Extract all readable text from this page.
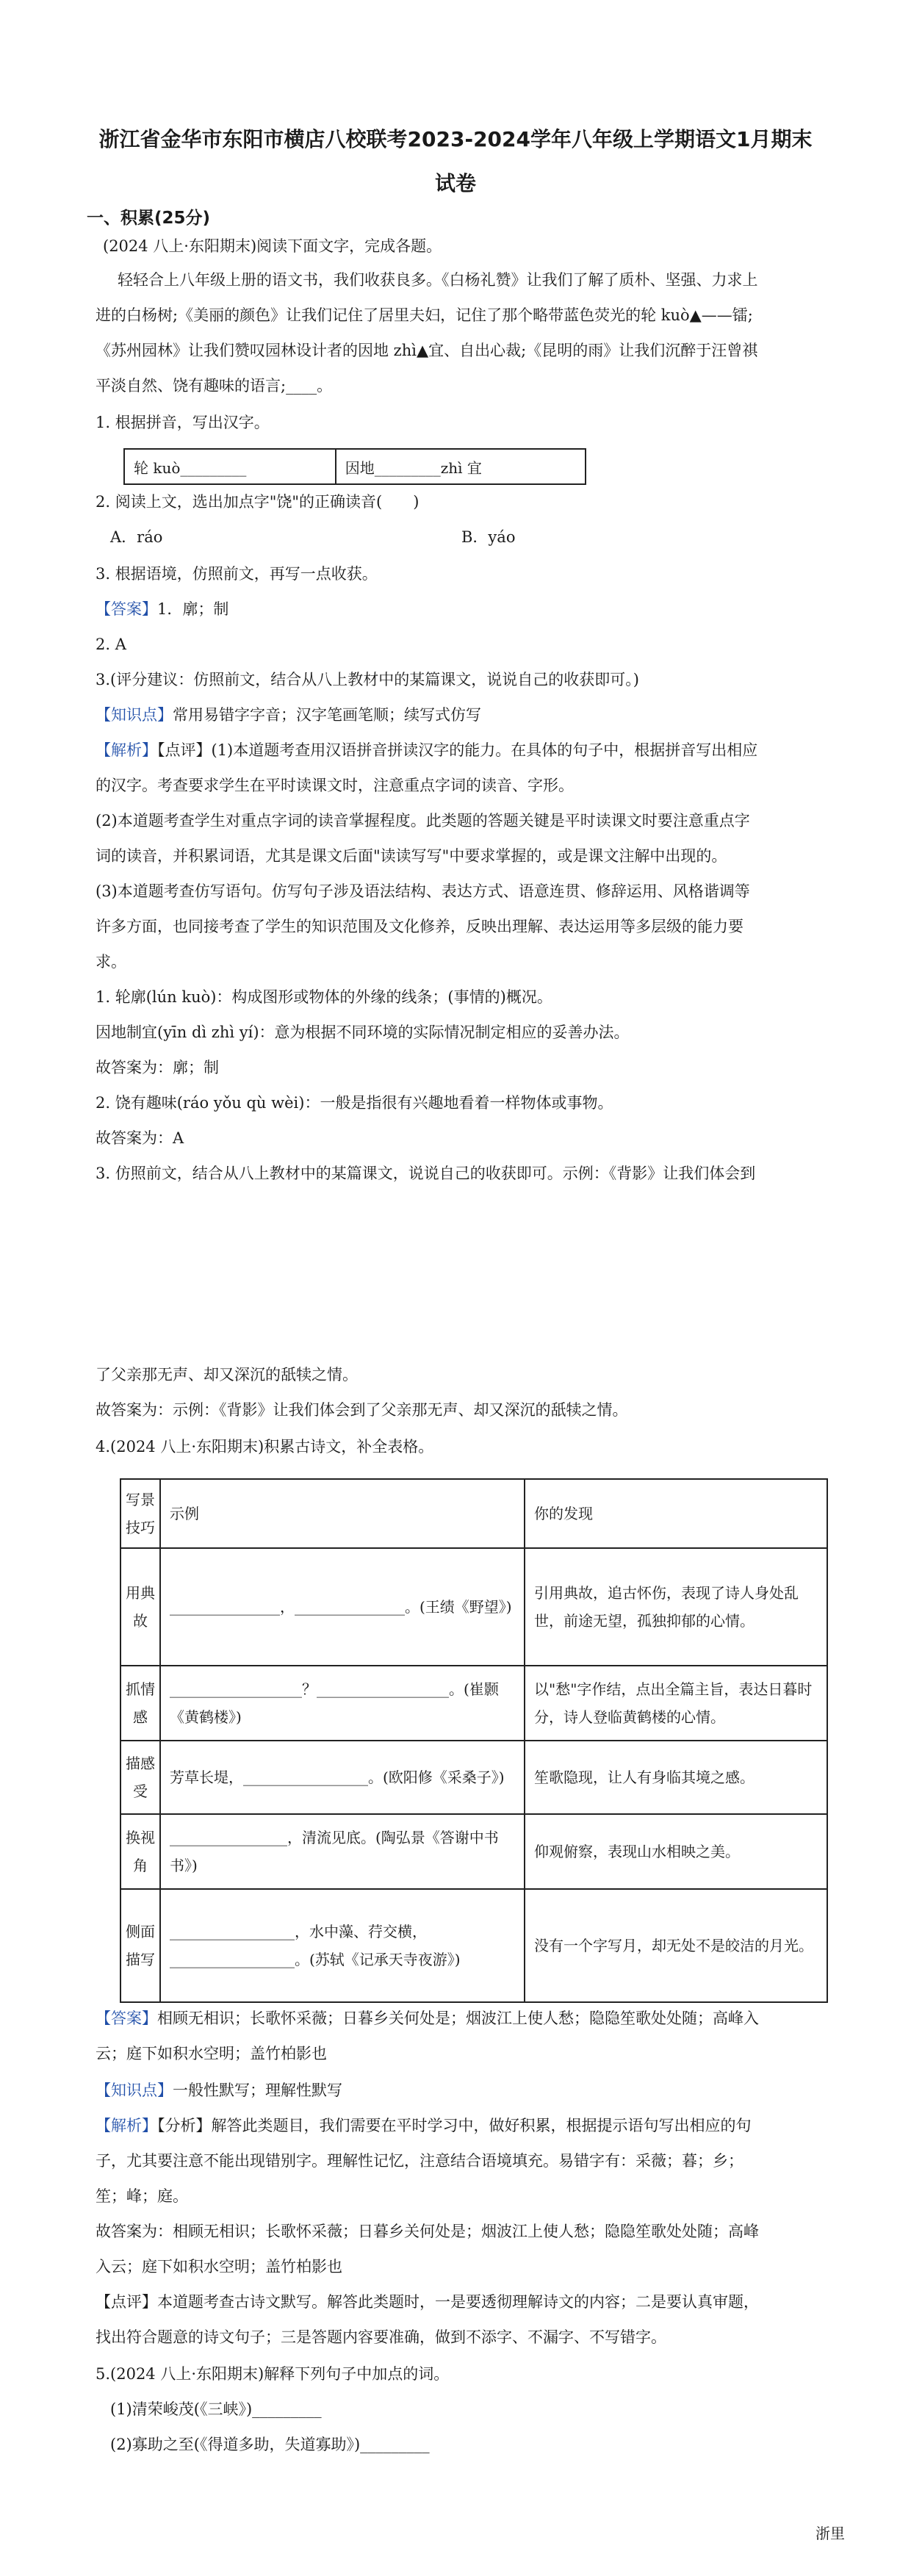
浙江省金华市东阳市横店八校联考2023-2024学年八年级上学期语文1月期末
试卷
一、积累(25分)
(2024 八上·东阳期末)阅读下面文字，完成各题。
轻轻合上八年级上册的语文书，我们收获良多。《白杨礼赞》让我们了解了质朴、坚强、力求上
进的白杨树;《美丽的颜色》让我们记住了居里夫妇，记住了那个略带蓝色荧光的轮 kuò▲——镭;
《苏州园林》让我们赞叹园林设计者的因地 zhì▲宜、自出心裁;《昆明的雨》让我们沉醉于汪曾祺
平淡自然、饶有趣味的语言;____。
1. 根据拼音，写出汉字。
轮 kuò_________	因地_________zhì 宜
2. 阅读上文，选出加点字"饶"的正确读音(　　)
A．ráo	B．yáo
3. 根据语境，仿照前文，再写一点收获。
【答案】1．廓；制
2. A
3.(评分建议：仿照前文，结合从八上教材中的某篇课文，说说自己的收获即可。)
【知识点】常用易错字字音；汉字笔画笔顺；续写式仿写
【解析】【点评】(1)本道题考查用汉语拼音拼读汉字的能力。在具体的句子中，根据拼音写出相应
的汉字。考查要求学生在平时读课文时，注意重点字词的读音、字形。
(2)本道题考查学生对重点字词的读音掌握程度。此类题的答题关键是平时读课文时要注意重点字
词的读音，并积累词语，尤其是课文后面"读读写写"中要求掌握的，或是课文注解中出现的。
(3)本道题考查仿写语句。仿写句子涉及语法结构、表达方式、语意连贯、修辞运用、风格谐调等
许多方面，也同接考查了学生的知识范围及文化修养，反映出理解、表达运用等多层级的能力要
求。
1. 轮廓(lún kuò)：构成图形或物体的外缘的线条；(事情的)概况。
因地制宜(yīn dì zhì yí)：意为根据不同环境的实际情况制定相应的妥善办法。
故答案为：廓；制
2. 饶有趣味(ráo yǒu qù wèi)：一般是指很有兴趣地看着一样物体或事物。
故答案为：A
3. 仿照前文，结合从八上教材中的某篇课文，说说自己的收获即可。示例：《背影》让我们体会到
了父亲那无声、却又深沉的舐犊之情。
故答案为：示例：《背影》让我们体会到了父亲那无声、却又深沉的舐犊之情。
4.(2024 八上·东阳期末)积累古诗文，补全表格。
写景技巧	示例	你的发现
用典故	_______________，_______________。(王绩《野望》)	引用典故，追古怀伤，表现了诗人身处乱世，前途无望，孤独抑郁的心情。
抓情感	__________________？__________________。(崔颢《黄鹤楼》)	以"愁"字作结，点出全篇主旨，表达日暮时分，诗人登临黄鹤楼的心情。
描感受	芳草长堤，_________________。(欧阳修《采桑子》)	笙歌隐现，让人有身临其境之感。
换视角	________________，清流见底。(陶弘景《答谢中书书》)	仰观俯察，表现山水相映之美。
侧面描写	_________________，水中藻、荇交横，_________________。(苏轼《记承天寺夜游》)	没有一个字写月，却无处不是皎洁的月光。
【答案】相顾无相识；长歌怀采薇；日暮乡关何处是；烟波江上使人愁；隐隐笙歌处处随；高峰入
云；庭下如积水空明；盖竹柏影也
【知识点】一般性默写；理解性默写
【解析】【分析】解答此类题目，我们需要在平时学习中，做好积累，根据提示语句写出相应的句
子，尤其要注意不能出现错别字。理解性记忆，注意结合语境填充。易错字有：采薇；暮；乡；
笙；峰；庭。
故答案为：相顾无相识；长歌怀采薇；日暮乡关何处是；烟波江上使人愁；隐隐笙歌处处随；高峰
入云；庭下如积水空明；盖竹柏影也
【点评】本道题考查古诗文默写。解答此类题时，一是要透彻理解诗文的内容；二是要认真审题，
找出符合题意的诗文句子；三是答题内容要准确，做到不添字、不漏字、不写错字。
5.(2024 八上·东阳期末)解释下列句子中加点的词。
(1)清荣峻茂(《三峡》)_________
(2)寡助之至(《得道多助，失道寡助》)_________
浙里
